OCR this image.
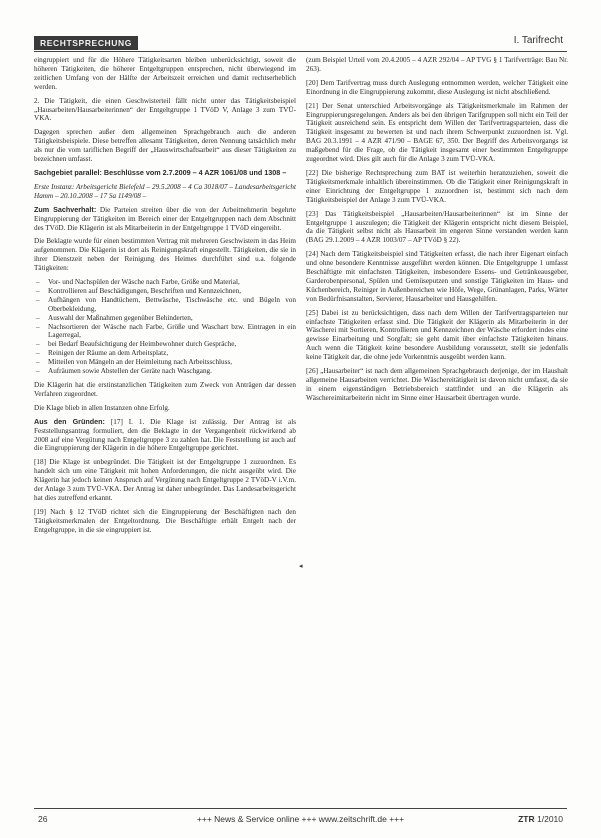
RECHTSPRECHUNG	I. Tarifrecht

eingruppiert und für die Höhere Tätigkeitsarten bleiben unberücksichtigt, soweit die höheren Tätigkeiten, die höherer Entgeltgruppen entsprechen, nicht überwiegend im zeitlichen Umfang von der Hälfte der Arbeitszeit erreichen und damit rechtserheblich werden.

2. Die Tätigkeit, die einen Geschwisterteil fällt nicht unter das Tätigkeitsbeispiel „Hausarbeiten/Hausarbeiterinnen“ der Entgeltgruppe 1 TVöD V, Anlage 3 zum TVÜ-VKA.

Dagegen sprechen außer dem allgemeinen Sprachgebrauch auch die anderen Tätigkeitsbeispiele. Diese betreffen allesamt Tätigkeiten, deren Nennung tatsächlich mehr als nur die vom tariflichen Begriff der „Hauswirtschaftsarbeit“ aus dieser Tätigkeiten zu bezeichnen umfasst.

Sachgebiet parallel: Beschlüsse vom 2.7.2009 – 4 AZR 1061/08 und 1308 –

Erste Instanz: Arbeitsgericht Bielefeld – 29.5.2008 – 4 Ca 3018/07 – Landesarbeitsgericht Hamm – 20.10.2008 – 17 Sa 1149/08 –

Zum Sachverhalt: Die Parteien streiten über die von der Arbeitnehmerin begehrte Eingruppierung der Tätigkeiten im Bereich einer der Entgeltgruppen nach dem Abschnitt des TVöD. Die Klägerin ist als Mitarbeiterin in der Entgeltgruppe 1 TVöD eingereiht.

Die Beklagte wurde für einen bestimmten Vertrag mit mehreren Geschwistern in das Heim aufgenommen. Die Klägerin ist dort als Reinigungskraft eingestellt. Tätigkeiten, die sie in ihrer Dienstzeit neben der Reinigung des Heimes durchführt sind u.a. folgende Tätigkeiten:

– Vor- und Nachspülen der Wäsche nach Farbe, Größe und Material,
– Kontrollieren auf Beschädigungen, Beschriften und Kennzeichnen,
– Aufhängen von Handtüchern, Bettwäsche, Tischwäsche etc. und Bügeln von Oberbekleidung,
– Auswahl der Maßnahmen gegenüber Behinderten,
– Nachsortieren der Wäsche nach Farbe, Größe und Waschart bzw. Eintragen in ein Lagerregal,
– bei Bedarf Beaufsichtigung der Heimbewohner durch Gespräche,
– Reinigen der Räume an dem Arbeitsplatz,
– Mitteilen von Mängeln an der Heimleitung nach Arbeitsschluss,
– Aufräumen sowie Abstellen der Geräte nach Waschgang.

Die Klägerin hat die erstinstanzlichen Tätigkeiten zum Zweck von Anträgen dar dessen Verfahren zugeordnet.

Die Klage blieb in allen Instanzen ohne Erfolg.

Aus den Gründen: [17] I. 1. Die Klage ist zulässig. Der Antrag ist als Feststellungsantrag formuliert, den die Beklagte in der Vergangenheit rückwirkend ab 2008 auf eine Vergütung nach Entgeltgruppe 3 zu zahlen hat. Die Feststellung ist auch auf die Eingruppierung der Klägerin in die höhere Entgeltgruppe gerichtet.

[18] Die Klage ist unbegründet. Die Tätigkeit ist der Entgeltgruppe 1 zuzuordnen. Es handelt sich um eine Tätigkeit mit hohen Anforderungen, die nicht ausgeübt wird. Die Klägerin hat jedoch keinen Anspruch auf Vergütung nach Entgeltgruppe 2 TVöD-V i.V.m. der Anlage 3 zum TVÜ-VKA. Der Antrag ist daher unbegründet. Das Landesarbeitsgericht hat dies zutreffend erkannt.

[19] Nach § 12 TVöD richtet sich die Eingruppierung der Beschäftigten nach den Tätigkeitsmerkmalen der Entgeltordnung. Die Beschäftigte erhält Entgelt nach der Entgeltgruppe, in die sie eingruppiert ist.

(zum Beispiel Urteil vom 20.4.2005 – 4 AZR 292/04 – AP TVG § 1 Tarifverträge: Bau Nr. 263).

[20] Dem Tarifvertrag muss durch Auslegung entnommen werden, welcher Tätigkeit eine Einordnung in die Eingruppierung zukommt, diese Auslegung ist nicht abschließend.

[21] Der Senat unterschied Arbeitsvorgänge als Tätigkeitsmerkmale im Rahmen der Eingruppierungsregelungen. Anders als bei den übrigen Tarifgruppen soll nicht ein Teil der Tätigkeit ausreichend sein. Es entspricht dem Willen der Tarifvertragsparteien, dass die Tätigkeit insgesamt zu bewerten ist und nach ihrem Schwerpunkt zuzuordnen ist. Vgl. BAG 20.3.1991 – 4 AZR 471/90 – BAGE 67, 350. Der Begriff des Arbeitsvorgangs ist maßgebend für die Frage, ob die Tätigkeit insgesamt einer bestimmten Entgeltgruppe zugeordnet wird. Dies gilt auch für die Anlage 3 zum TVÜ-VKA.

[22] Die bisherige Rechtsprechung zum BAT ist weiterhin heranzuziehen, soweit die Tätigkeitsmerkmale inhaltlich übereinstimmen. Ob die Tätigkeit einer Reinigungskraft in einer Einrichtung der Entgeltgruppe 1 zuzuordnen ist, bestimmt sich nach dem Tätigkeitsbeispiel der Anlage 3 zum TVÜ-VKA.

[23] Das Tätigkeitsbeispiel „Hausarbeiten/Hausarbeiterinnen“ ist im Sinne der Entgeltgruppe 1 auszulegen; die Tätigkeit der Klägerin entspricht nicht diesem Beispiel, da die Tätigkeit selbst nicht als Hausarbeit im engeren Sinne verstanden werden kann (BAG 29.1.2009 – 4 AZR 1003/07 – AP TVöD § 22).

[24] Nach dem Tätigkeitsbeispiel sind Tätigkeiten erfasst, die nach ihrer Eigenart einfach und ohne besondere Kenntnisse ausgeführt werden können. Die Entgeltgruppe 1 umfasst Beschäftigte mit einfachsten Tätigkeiten, insbesondere Essens- und Getränkeausgeber, Garderobenpersonal, Spülen und Gemüseputzen und sonstige Tätigkeiten im Haus- und Küchenbereich, Reiniger in Außenbereichen wie Höfe, Wege, Grünanlagen, Parks, Wärter von Bedürfnisanstalten, Servierer, Hausarbeiter und Hausgehilfen.

[25] Dabei ist zu berücksichtigen, dass nach dem Willen der Tarifvertragsparteien nur einfachste Tätigkeiten erfasst sind. Die Tätigkeit der Klägerin als Mitarbeiterin in der Wäscherei mit Sortieren, Kontrollieren und Kennzeichnen der Wäsche erfordert indes eine gewisse Einarbeitung und Sorgfalt; sie geht damit über einfachste Tätigkeiten hinaus. Auch wenn die Tätigkeit keine besondere Ausbildung voraussetzt, stellt sie jedenfalls keine Tätigkeit dar, die ohne jede Vorkenntnis ausgeübt werden kann.

[26] „Hausarbeiter“ ist nach dem allgemeinen Sprachgebrauch derjenige, der im Haushalt allgemeine Hausarbeiten verrichtet. Die Wäschereitätigkeit ist davon nicht umfasst, da sie in einem eigenständigen Betriebsbereich stattfindet und an die Klägerin als Wäschereimitarbeiterin nicht im Sinne einer Hausarbeit übertragen wurde.

◂
26	+++ News & Service online +++ www.zeitschrift.de +++	ZTR 1/2010
